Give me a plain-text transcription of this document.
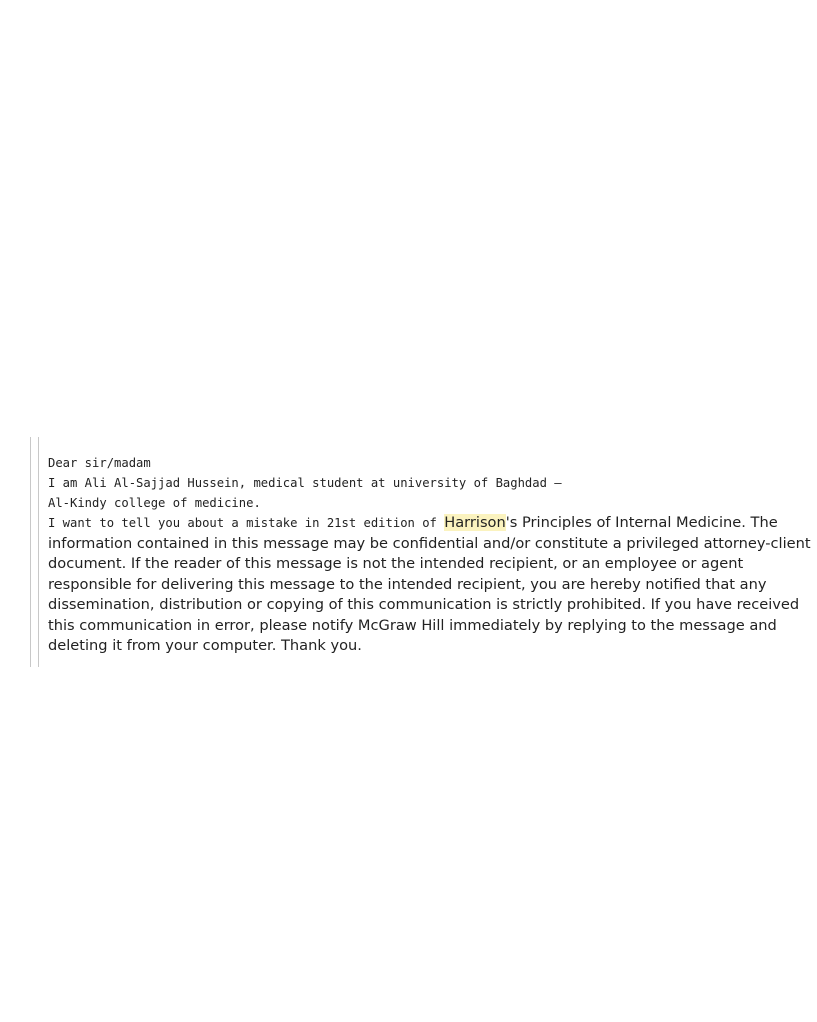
Dear sir/madam
I am Ali Al-Sajjad Hussein, medical student at university of Baghdad –
Al-Kindy college of medicine.

I want to tell you about a mistake in 21st edition of Harrison's Principles of Internal Medicine. The information contained in this message may be confidential and/or constitute a privileged attorney-client document. If the reader of this message is not the intended recipient, or an employee or agent responsible for delivering this message to the intended recipient, you are hereby notified that any dissemination, distribution or copying of this communication is strictly prohibited. If you have received this communication in error, please notify McGraw Hill immediately by replying to the message and deleting it from your computer. Thank you.
